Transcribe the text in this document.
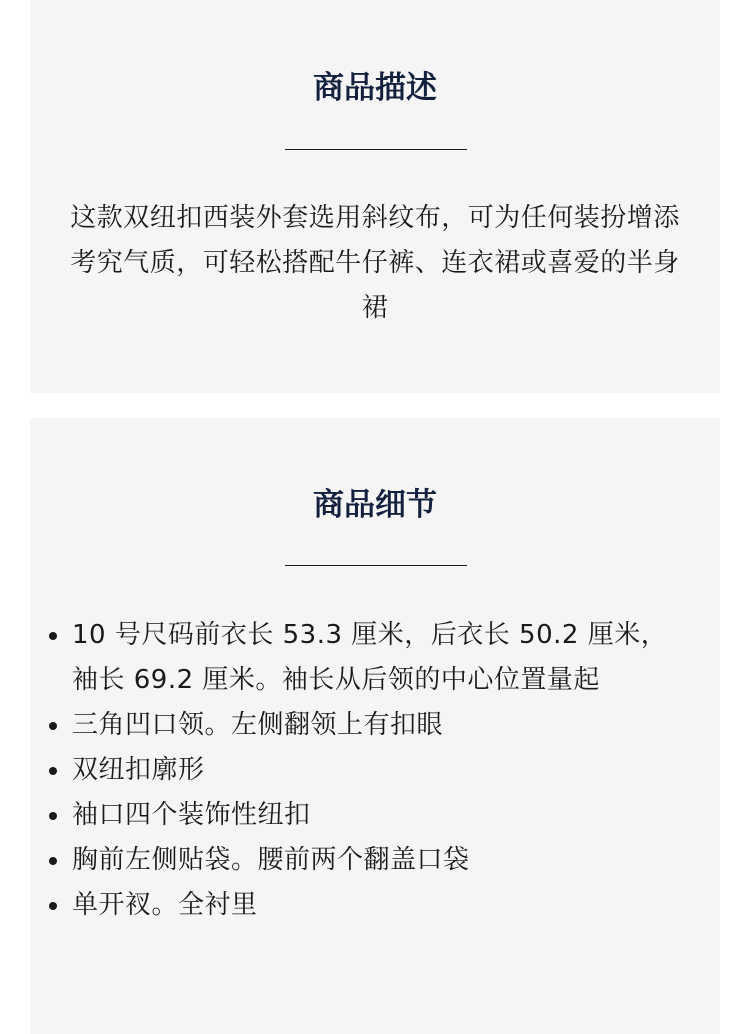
商品描述

这款双纽扣西装外套选用斜纹布，可为任何装扮增添考究气质，可轻松搭配牛仔裤、连衣裙或喜爱的半身裙

商品细节
10 号尺码前衣长 53.3 厘米，后衣长 50.2 厘米，袖长 69.2 厘米。袖长从后领的中心位置量起
三角凹口领。左侧翻领上有扣眼
双纽扣廓形
袖口四个装饰性纽扣
胸前左侧贴袋。腰前两个翻盖口袋
单开衩。全衬里
